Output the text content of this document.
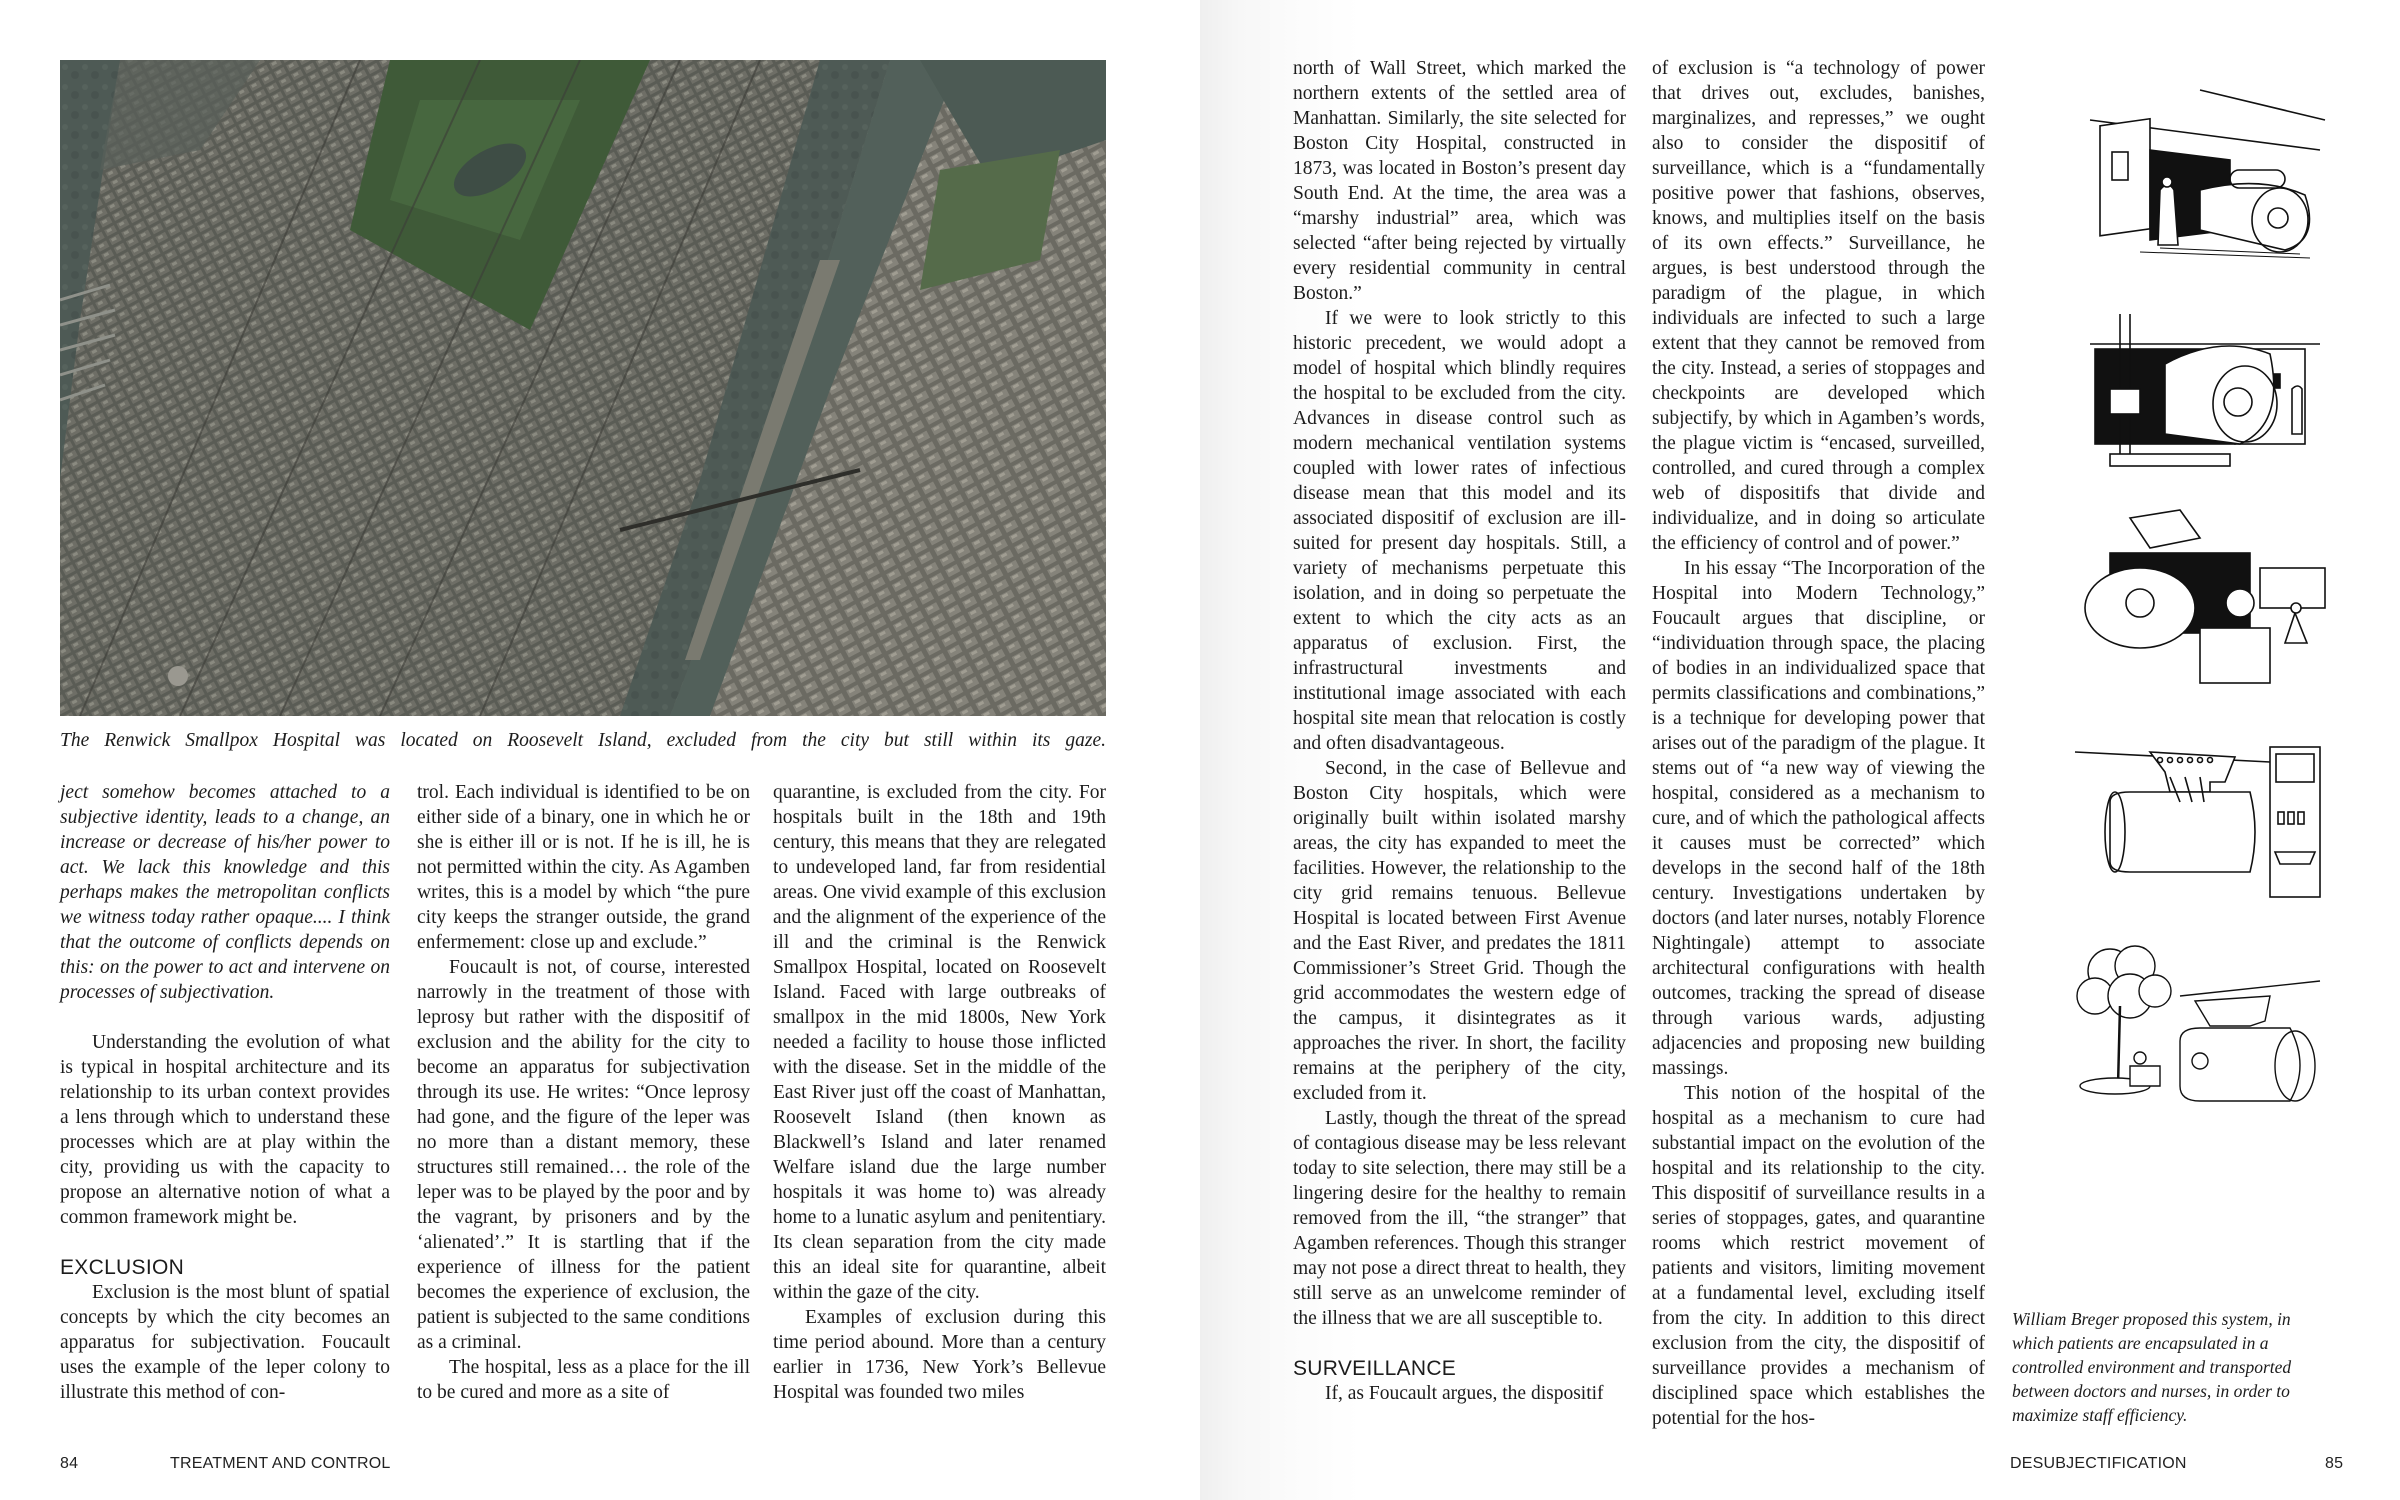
The Renwick Smallpox Hospital was located on Roosevelt Island, excluded from the city but still within its gaze.

ject somehow becomes attached to a subjective identity, leads to a change, an increase or decrease of his/her power to act. We lack this knowledge and this perhaps makes the metropolitan conflicts we witness today rather opaque.... I think that the outcome of conflicts depends on this: on the power to act and intervene on processes of subjectivation.

Understanding the evolution of what is typical in hospital architecture and its relationship to its urban context provides a lens through which to understand these processes which are at play within the city, providing us with the capacity to propose an alternative notion of what a common framework might be.

EXCLUSION

Exclusion is the most blunt of spatial concepts by which the city becomes an apparatus for subjectivation. Foucault uses the example of the leper colony to illustrate this method of con-

trol. Each individual is identified to be on either side of a binary, one in which he or she is either ill or is not. If he is ill, he is not permitted within the city. As Agamben writes, this is a model by which “the pure city keeps the stranger outside, the grand enfermement: close up and exclude.”

Foucault is not, of course, interested narrowly in the treatment of those with leprosy but rather with the dispositif of exclusion and the ability for the city to become an apparatus for subjectivation through its use. He writes: “Once leprosy had gone, and the figure of the leper was no more than a distant memory, these structures still remained… the role of the leper was to be played by the poor and by the vagrant, by prisoners and by the ‘alienated’.” It is startling that if the experience of illness for the patient becomes the experience of exclusion, the patient is subjected to the same conditions as a criminal.

The hospital, less as a place for the ill to be cured and more as a site of

quarantine, is excluded from the city. For hospitals built in the 18th and 19th century, this means that they are relegated to undeveloped land, far from residential areas. One vivid example of this exclusion and the alignment of the experience of the ill and the criminal is the Renwick Smallpox Hospital, located on Roosevelt Island. Faced with large outbreaks of smallpox in the mid 1800s, New York needed a facility to house those inflicted with the disease. Set in the middle of the East River just off the coast of Manhattan, Roosevelt Island (then known as Blackwell’s Island and later renamed Welfare island due the large number hospitals it was home to) was already home to a lunatic asylum and penitentiary. Its clean separation from the city made this an ideal site for quarantine, albeit within the gaze of the city.

Examples of exclusion during this time period abound. More than a century earlier in 1736, New York’s Bellevue Hospital was founded two miles

84	TREATMENT AND CONTROL

north of Wall Street, which marked the northern extents of the settled area of Manhattan. Similarly, the site selected for Boston City Hospital, constructed in 1873, was located in Boston’s present day South End. At the time, the area was a “marshy industrial” area, which was selected “after being rejected by virtually every residential community in central Boston.”

If we were to look strictly to this historic precedent, we would adopt a model of hospital which blindly requires the hospital to be excluded from the city. Advances in disease control such as modern mechanical ventilation systems coupled with lower rates of infectious disease mean that this model and its associated dispositif of exclusion are ill-suited for present day hospitals. Still, a variety of mechanisms perpetuate this isolation, and in doing so perpetuate the extent to which the city acts as an apparatus of exclusion. First, the infrastructural investments and institutional image associated with each hospital site mean that relocation is costly and often disadvantageous.

Second, in the case of Bellevue and Boston City hospitals, which were originally built within isolated marshy areas, the city has expanded to meet the facilities. However, the relationship to the city grid remains tenuous. Bellevue Hospital is located between First Avenue and the East River, and predates the 1811 Commissioner’s Street Grid. Though the grid accommodates the western edge of the campus, it disintegrates as it approaches the river. In short, the facility remains at the periphery of the city, excluded from it.

Lastly, though the threat of the spread of contagious disease may be less relevant today to site selection, there may still be a lingering desire for the healthy to remain removed from the ill, “the stranger” that Agamben references. Though this stranger may not pose a direct threat to health, they still serve as an unwelcome reminder of the illness that we are all susceptible to.

SURVEILLANCE

If, as Foucault argues, the dispositif

of exclusion is “a technology of power that drives out, excludes, banishes, marginalizes, and represses,” we ought also to consider the dispositif of surveillance, which is a “fundamentally positive power that fashions, observes, knows, and multiplies itself on the basis of its own effects.” Surveillance, he argues, is best understood through the paradigm of the plague, in which individuals are infected to such a large extent that they cannot be removed from the city. Instead, a series of stoppages and checkpoints are developed which subjectify, by which in Agamben’s words, the plague victim is “encased, surveilled, controlled, and cured through a complex web of dispositifs that divide and individualize, and in doing so articulate the efficiency of control and of power.”

In his essay “The Incorporation of the Hospital into Modern Technology,” Foucault argues that discipline, or “individuation through space, the placing of bodies in an individualized space that permits classifications and combinations,” is a technique for developing power that arises out of the paradigm of the plague. It stems out of “a new way of viewing the hospital, considered as a mechanism to cure, and of which the pathological affects it causes must be corrected” which develops in the second half of the 18th century. Investigations undertaken by doctors (and later nurses, notably Florence Nightingale) attempt to associate architectural configurations with health outcomes, tracking the spread of disease through various wards, adjusting adjacencies and proposing new building massings.

This notion of the hospital of the hospital as a mechanism to cure had substantial impact on the evolution of the hospital and its relationship to the city. This dispositif of surveillance results in a series of stoppages, gates, and quarantine rooms which restrict movement of patients and visitors, limiting movement at a fundamental level, excluding itself from the city. In addition to this direct exclusion from the city, the dispositif of surveillance provides a mechanism of disciplined space which establishes the potential for the hos-

William Breger proposed this system, in which patients are encapsulated in a controlled environment and transported between doctors and nurses, in order to maximize staff efficiency.
DESUBJECTIFICATION	85
